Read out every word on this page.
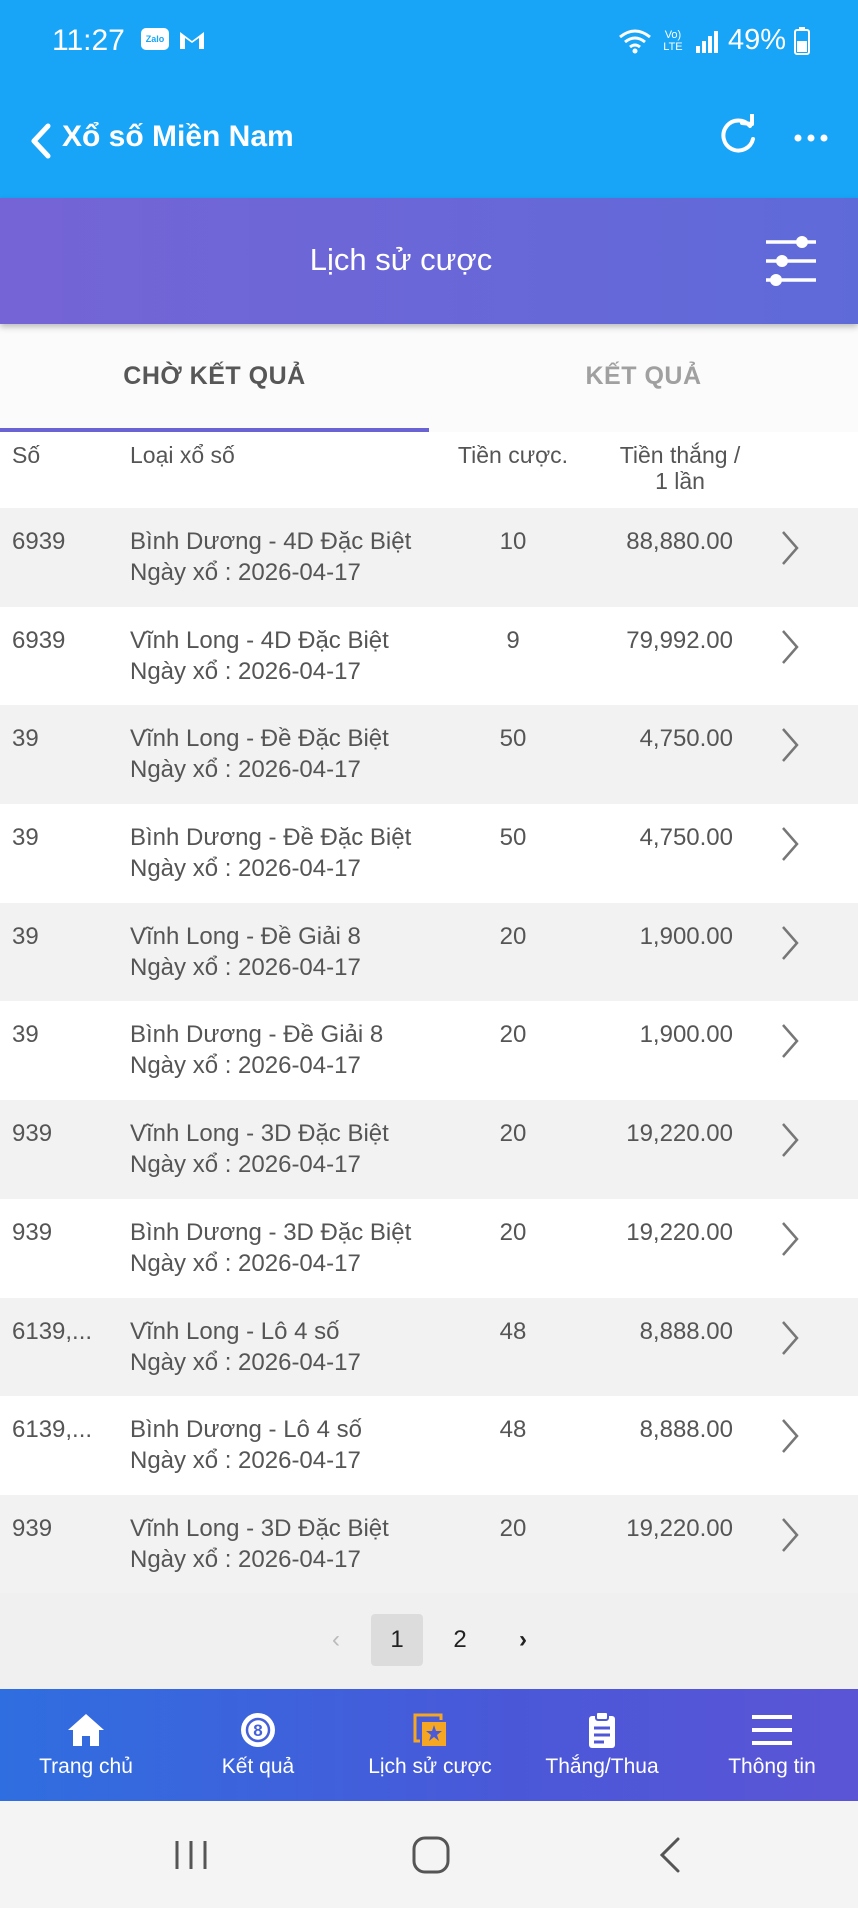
11:27	Zalo	Vo) LTE 49%
Xổ số Miền Nam
Lịch sử cược
CHỜ KẾT QUẢ	KẾT QUẢ
Số	Loại xổ số	Tiền cược.	Tiền thắng /
1 lần
6939	Bình Dương - 4D Đặc Biệt
Ngày xổ : 2026-04-17
10	88,880.00
6939	Vĩnh Long - 4D Đặc Biệt
Ngày xổ : 2026-04-17
9	79,992.00
39	Vĩnh Long - Đề Đặc Biệt
Ngày xổ : 2026-04-17
50	4,750.00
39	Bình Dương - Đề Đặc Biệt
Ngày xổ : 2026-04-17
50	4,750.00
39	Vĩnh Long - Đề Giải 8
Ngày xổ : 2026-04-17
20	1,900.00
39	Bình Dương - Đề Giải 8
Ngày xổ : 2026-04-17
20	1,900.00
939	Vĩnh Long - 3D Đặc Biệt
Ngày xổ : 2026-04-17
20	19,220.00
939	Bình Dương - 3D Đặc Biệt
Ngày xổ : 2026-04-17
20	19,220.00
6139,... Vĩnh Long - Lô 4 số
Ngày xổ : 2026-04-17
48	8,888.00
6139,... Bình Dương - Lô 4 số
Ngày xổ : 2026-04-17
48	8,888.00
939	Vĩnh Long - 3D Đặc Biệt
Ngày xổ : 2026-04-17
20	19,220.00
‹	1	2	›
Trang chủ
8
Kết quả	Lịch sử cược	Thắng/Thua	Thông tin
